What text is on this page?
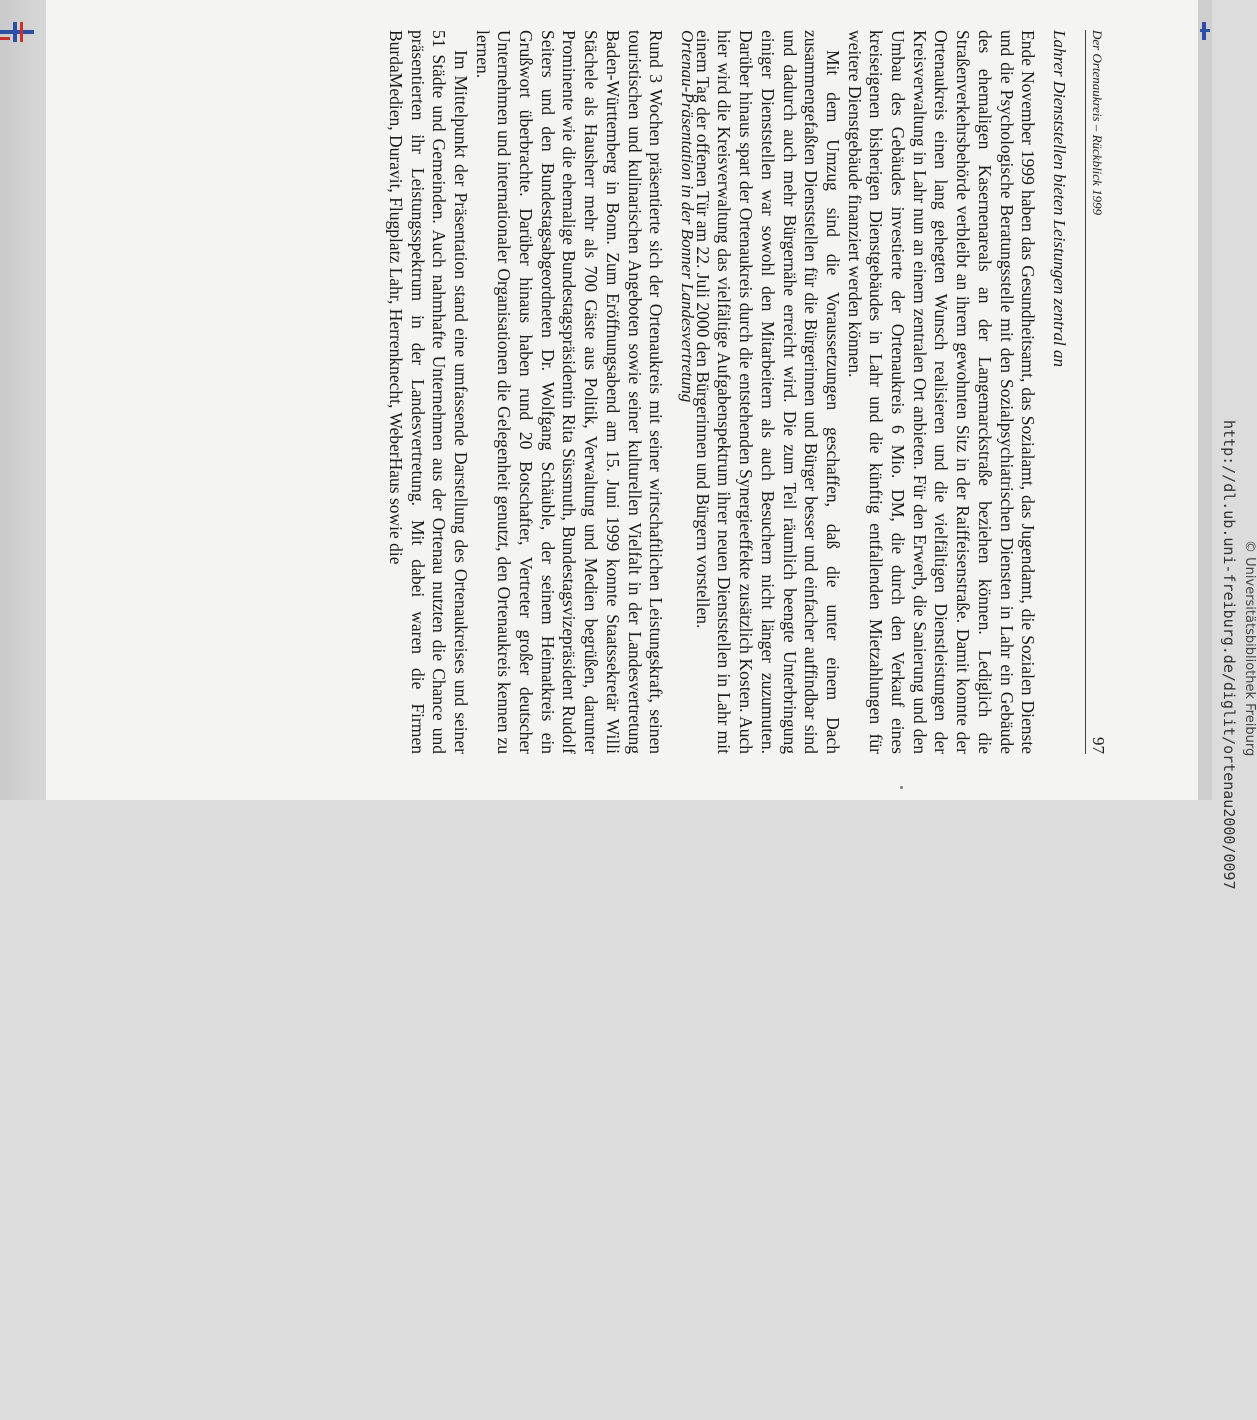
© Universitätsbibliothek Freiburg
http://dl.ub.uni-freiburg.de/diglit/ortenau2000/0097
Der Ortenaukreis – Rückblick 1999
97

Lahrer Dienststellen bieten Leistungen zentral an

Ende November 1999 haben das Gesundheitsamt, das Sozialamt, das Jugendamt, die Sozialen Dienste und die Psychologische Beratungsstelle mit den Sozialpsychiatrischen Diensten in Lahr ein Gebäude des ehemaligen Kasernenareals an der Langemarckstraße beziehen können. Lediglich die Straßenverkehrsbehörde verbleibt an ihrem gewohnten Sitz in der Raiffeisenstraße. Damit konnte der Ortenaukreis einen lang gehegten Wunsch realisieren und die vielfältigen Dienstleistungen der Kreisverwaltung in Lahr nun an einem zentralen Ort anbieten. Für den Erwerb, die Sanierung und den Umbau des Gebäudes investierte der Ortenaukreis 6 Mio. DM, die durch den Verkauf eines kreiseigenen bisherigen Dienstgebäudes in Lahr und die künftig entfallenden Mietzahlungen für weitere Dienstgebäude finanziert werden können.

Mit dem Umzug sind die Voraussetzungen geschaffen, daß die unter einem Dach zusammengefaßten Dienststellen für die Bürgerinnen und Bürger besser und einfacher auffindbar sind und dadurch auch mehr Bürgernähe erreicht wird. Die zum Teil räumlich beengte Unterbringung einiger Dienststellen war sowohl den Mitarbeitern als auch Besuchern nicht länger zuzumuten. Darüber hinaus spart der Ortenaukreis durch die entstehenden Synergieeffekte zusätzlich Kosten. Auch hier wird die Kreisverwaltung das vielfältige Aufgabenspektrum ihrer neuen Dienststellen in Lahr mit einem Tag der offenen Tür am 22. Juli 2000 den Bürgerinnen und Bürgern vorstellen.

Ortenau-Präsentation in der Bonner Landesvertretung

Rund 3 Wochen präsentierte sich der Ortenaukreis mit seiner wirtschaftlichen Leistungskraft, seinen touristischen und kulinarischen Angeboten sowie seiner kulturellen Vielfalt in der Landesvertretung Baden-Württemberg in Bonn. Zum Eröffnungsabend am 15. Juni 1999 konnte Staatssekretär Willi Stächele als Hausherr mehr als 700 Gäste aus Politik, Verwaltung und Medien begrüßen, darunter Prominente wie die ehemalige Bundestagspräsidentin Rita Süssmuth, Bundestagsvizepräsident Rudolf Seiters und den Bundestagsabgeordneten Dr. Wolfgang Schäuble, der seinem Heimatkreis ein Grußwort überbrachte. Darüber hinaus haben rund 20 Botschafter, Vertreter großer deutscher Unternehmen und internationaler Organisationen die Gelegenheit genutzt, den Ortenaukreis kennen zu lernen.

Im Mittelpunkt der Präsentation stand eine umfassende Darstellung des Ortenaukreises und seiner 51 Städte und Gemeinden. Auch nahmhafte Unternehmen aus der Ortenau nutzten die Chance und präsentierten ihr Leistungsspektrum in der Landesvertretung. Mit dabei waren die Firmen BurdaMedien, Duravit, Flugplatz Lahr, Herrenknecht, WeberHaus sowie die
